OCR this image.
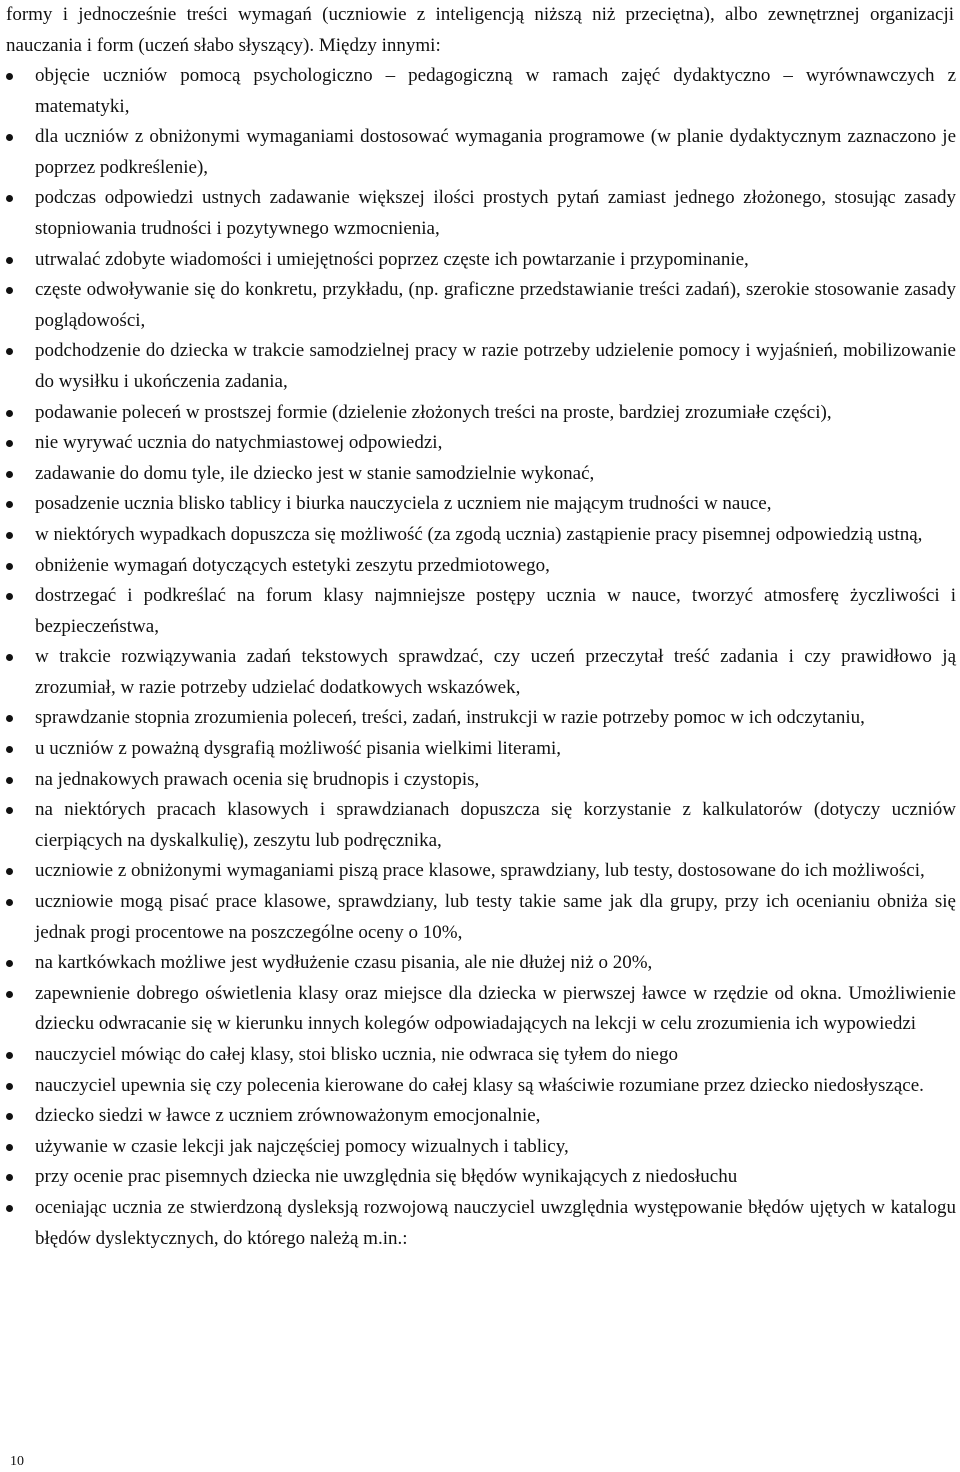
formy i jednocześnie treści wymagań (uczniowie z inteligencją niższą niż przeciętna), albo zewnętrznej organizacji nauczania i form (uczeń słabo słyszący). Między innymi:

objęcie uczniów pomocą psychologiczno – pedagogiczną w ramach zajęć dydaktyczno – wyrównawczych z matematyki,
dla uczniów z obniżonymi wymaganiami dostosować wymagania programowe (w planie dydaktycznym zaznaczono je poprzez podkreślenie),
podczas odpowiedzi ustnych zadawanie większej ilości prostych pytań zamiast jednego złożonego, stosując zasady stopniowania trudności i pozytywnego wzmocnienia,
utrwalać zdobyte wiadomości i umiejętności poprzez częste ich powtarzanie i przypominanie,
częste odwoływanie się do konkretu, przykładu, (np. graficzne przedstawianie treści zadań), szerokie stosowanie zasady poglądowości,
podchodzenie do dziecka w trakcie samodzielnej pracy w razie potrzeby udzielenie pomocy i wyjaśnień, mobilizowanie do wysiłku i ukończenia zadania,
podawanie poleceń w prostszej formie (dzielenie złożonych treści na proste, bardziej zrozumiałe części),
nie wyrywać ucznia do natychmiastowej odpowiedzi,
zadawanie do domu tyle, ile dziecko jest w stanie samodzielnie wykonać,
posadzenie ucznia blisko tablicy i biurka nauczyciela z uczniem nie mającym trudności w nauce,
w niektórych wypadkach dopuszcza się możliwość (za zgodą ucznia) zastąpienie pracy pisemnej odpowiedzią ustną,
obniżenie wymagań dotyczących estetyki zeszytu przedmiotowego,
dostrzegać i podkreślać na forum klasy najmniejsze postępy ucznia w nauce, tworzyć atmosferę życzliwości i bezpieczeństwa,
w trakcie rozwiązywania zadań tekstowych sprawdzać, czy uczeń przeczytał treść zadania i czy prawidłowo ją zrozumiał, w razie potrzeby udzielać dodatkowych wskazówek,
sprawdzanie stopnia zrozumienia poleceń, treści, zadań, instrukcji w razie potrzeby pomoc w ich odczytaniu,
u uczniów z poważną dysgrafią możliwość pisania wielkimi literami,
na jednakowych prawach ocenia się brudnopis i czystopis,
na niektórych pracach klasowych i sprawdzianach dopuszcza się korzystanie z kalkulatorów (dotyczy uczniów cierpiących na dyskalkulię), zeszytu lub podręcznika,
uczniowie z obniżonymi wymaganiami piszą prace klasowe, sprawdziany, lub testy, dostosowane do ich możliwości,
uczniowie mogą pisać prace klasowe, sprawdziany, lub testy takie same jak dla grupy, przy ich ocenianiu obniża się jednak progi procentowe na poszczególne oceny o 10%,
na kartkówkach możliwe jest wydłużenie czasu pisania, ale nie dłużej niż o 20%,
zapewnienie dobrego oświetlenia klasy oraz miejsce dla dziecka w pierwszej ławce w rzędzie od okna. Umożliwienie dziecku odwracanie się w kierunku innych kolegów odpowiadających na lekcji w celu zrozumienia ich wypowiedzi
nauczyciel mówiąc do całej klasy, stoi blisko ucznia, nie odwraca się tyłem do niego
nauczyciel upewnia się czy polecenia kierowane do całej klasy są właściwie rozumiane przez dziecko niedosłyszące.
dziecko siedzi w ławce z uczniem zrównoważonym emocjonalnie,
używanie w czasie lekcji jak najczęściej pomocy wizualnych i tablicy,
przy ocenie prac pisemnych dziecka nie uwzględnia się błędów wynikających z niedosłuchu
oceniając ucznia ze stwierdzoną dysleksją rozwojową nauczyciel uwzględnia występowanie błędów ujętych w katalogu błędów dyslektycznych, do którego należą m.in.:
10
